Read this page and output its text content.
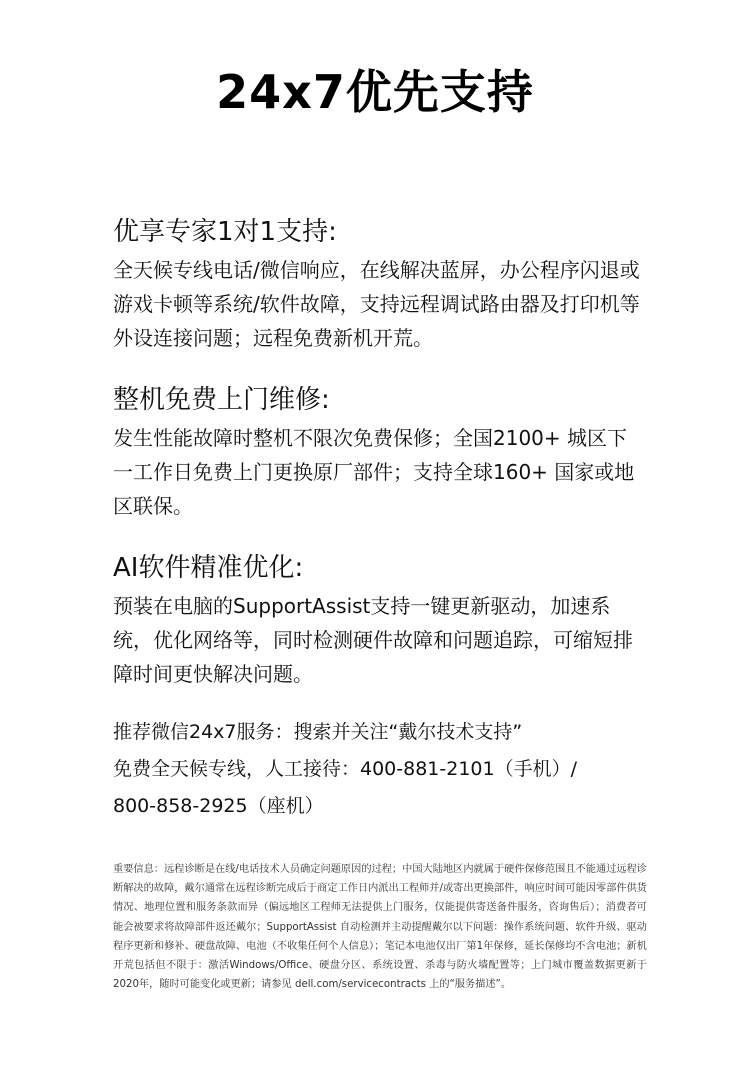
24x7优先支持
优享专家1对1支持:

全天候专线电话/微信响应，在线解决蓝屏，办公程序闪退或游戏卡顿等系统/软件故障，支持远程调试路由器及打印机等外设连接问题；远程免费新机开荒。

整机免费上门维修:

发生性能故障时整机不限次免费保修；全国2100+ 城区下一工作日免费上门更换原厂部件；支持全球160+ 国家或地区联保。

AI软件精准优化:

预装在电脑的SupportAssist支持一键更新驱动，加速系统，优化网络等，同时检测硬件故障和问题追踪，可缩短排障时间更快解决问题。

推荐微信24x7服务：搜索并关注“戴尔技术支持”
免费全天候专线，人工接待：400-881-2101（手机）/
800-858-2925（座机）

重要信息：远程诊断是在线/电话技术人员确定问题原因的过程；中国大陆地区内就属于硬件保修范围且不能通过远程诊断解决的故障，戴尔通常在远程诊断完成后于商定工作日内派出工程师并/或寄出更换部件，响应时间可能因零部件供货情况、地理位置和服务条款而异（偏远地区工程师无法提供上门服务，仅能提供寄送备件服务，咨询售后）；消费者可能会被要求将故障部件返还戴尔；SupportAssist 自动检测并主动提醒戴尔以下问题：操作系统问题、软件升级、驱动程序更新和修补、硬盘故障、电池（不收集任何个人信息）；笔记本电池仅出厂第1年保修，延长保修均不含电池；新机开荒包括但不限于：激活Windows/Office、硬盘分区、系统设置、杀毒与防火墙配置等；上门城市覆盖数据更新于2020年，随时可能变化或更新；请参见 dell.com/servicecontracts 上的“服务描述”。
